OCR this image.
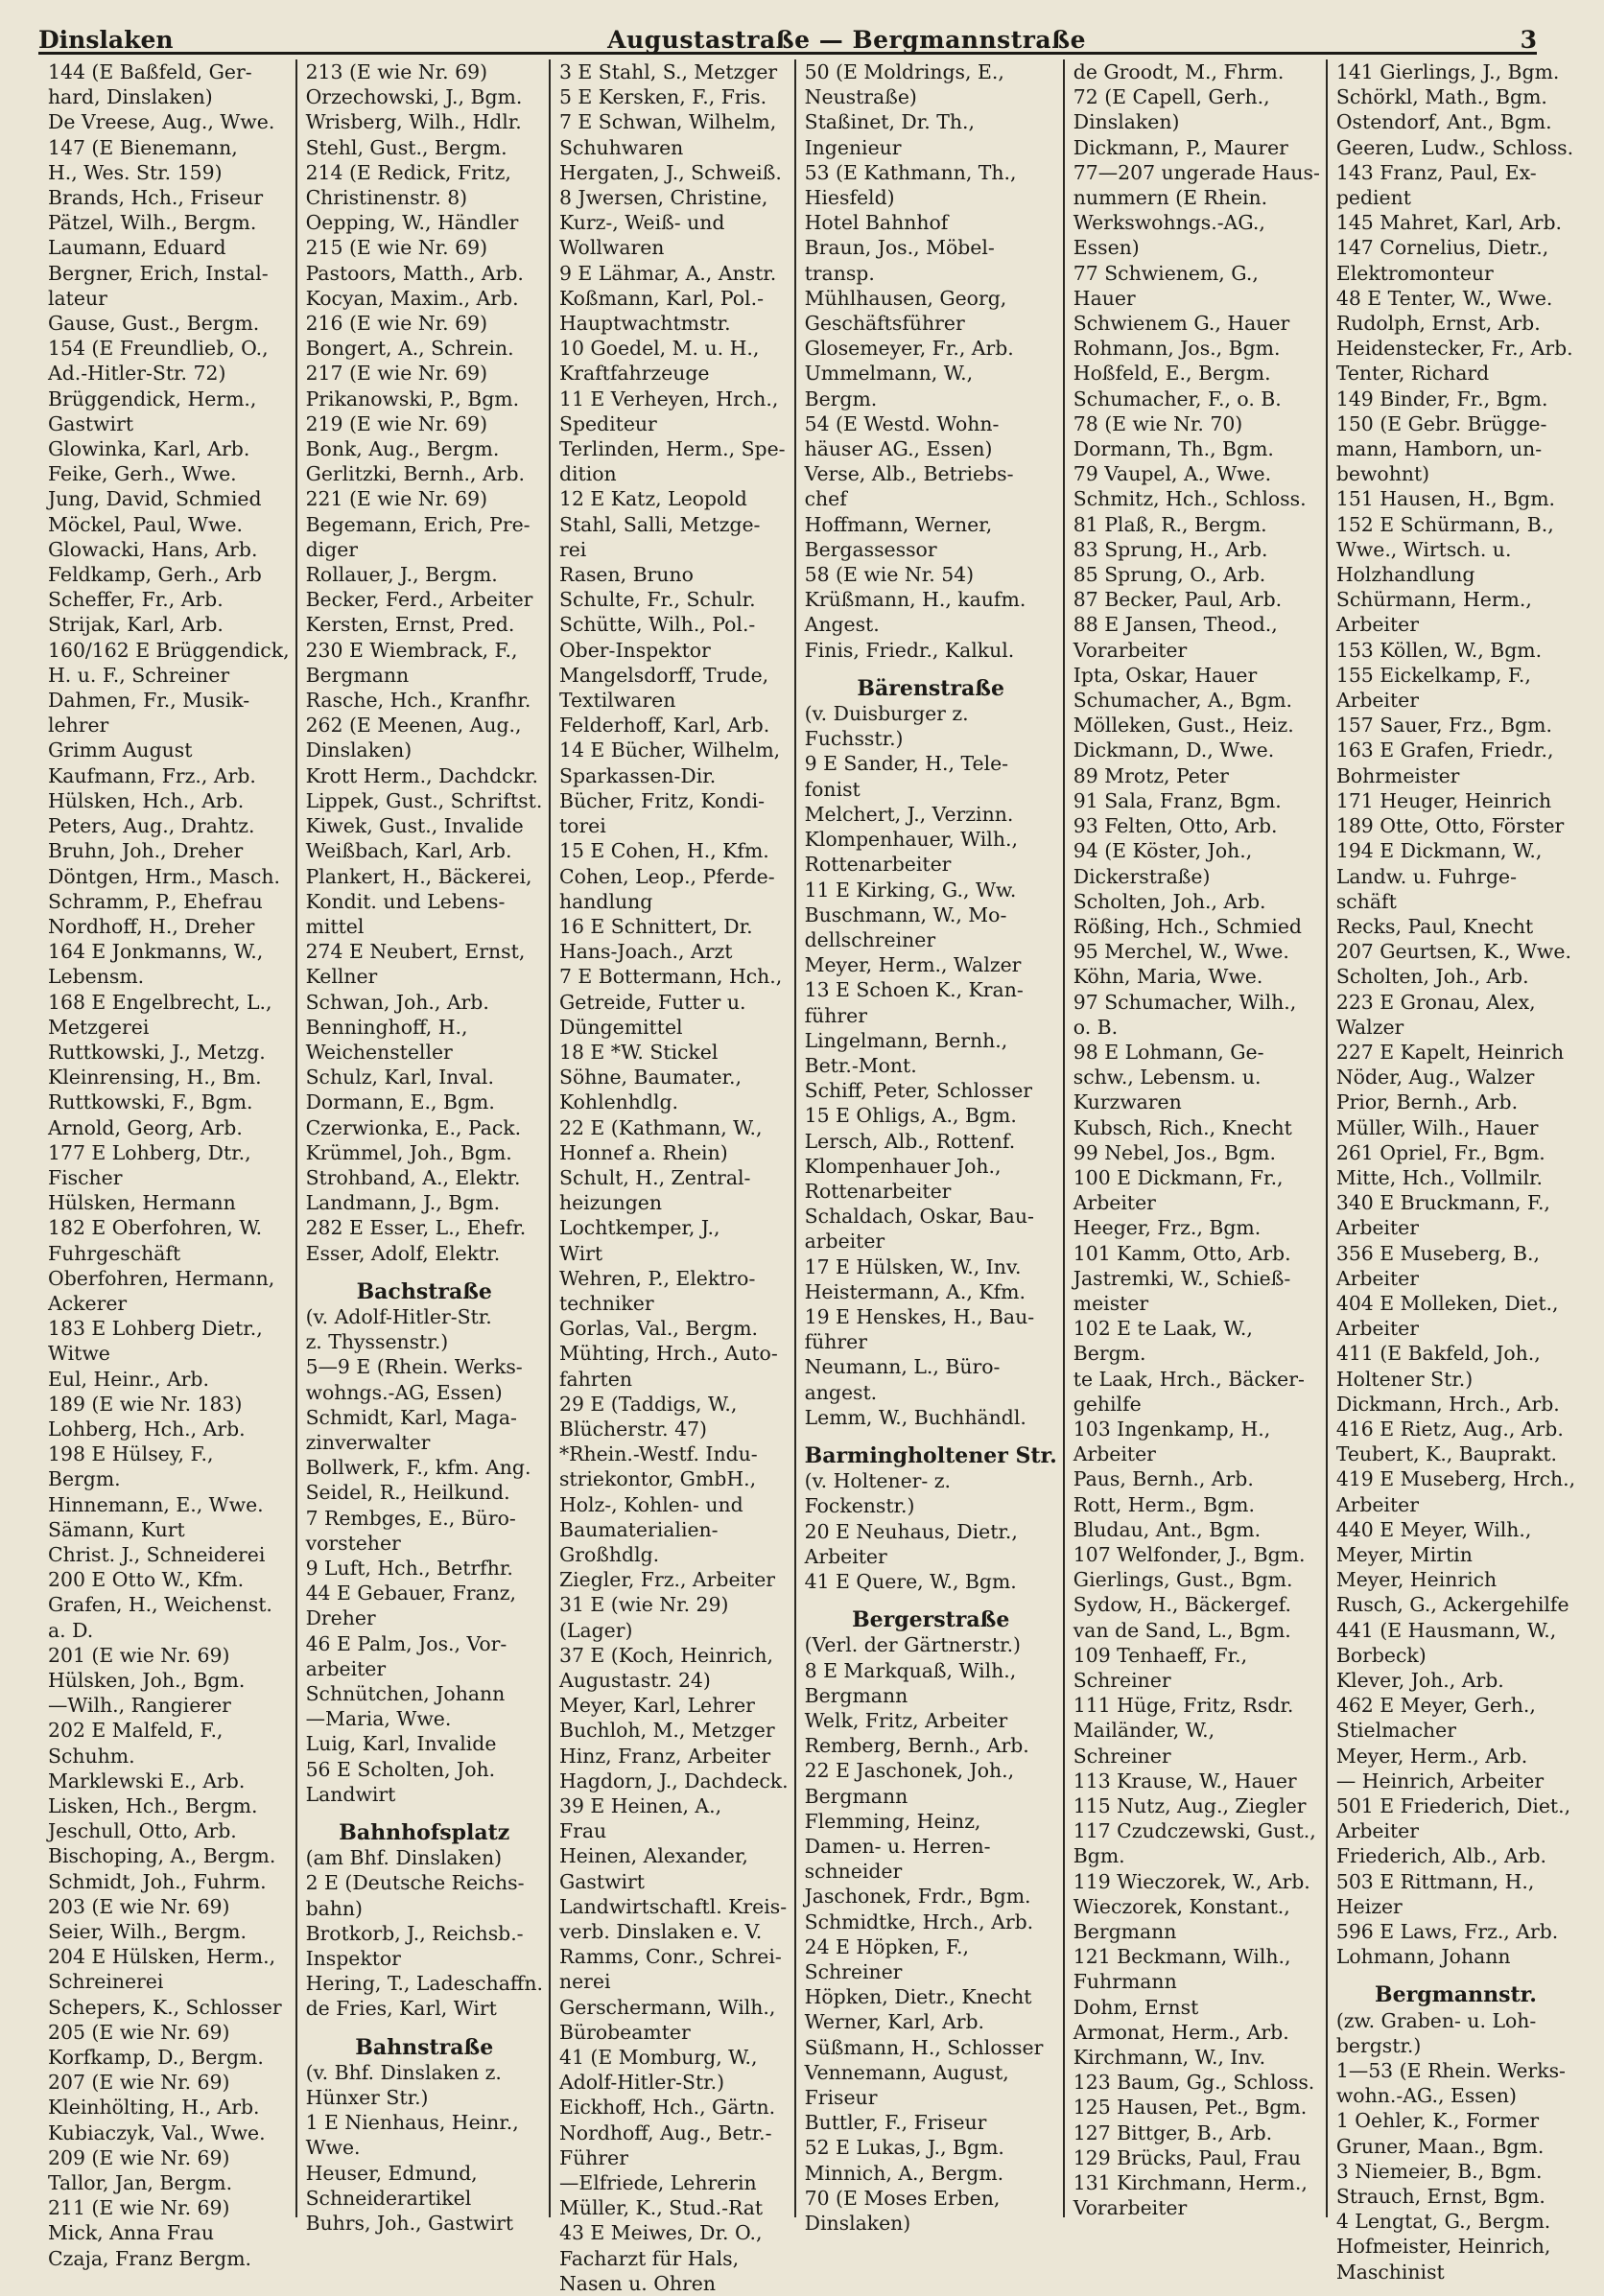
Dinslaken	Augustastraße — Bergmannstraße	3
144 (E Baßfeld, Ger-
hard, Dinslaken)
De Vreese, Aug., Wwe.
147 (E Bienemann,
H., Wes. Str. 159)
Brands, Hch., Friseur
Pätzel, Wilh., Bergm.
Laumann, Eduard
Bergner, Erich, Instal-
lateur
Gause, Gust., Bergm.
154 (E Freundlieb, O.,
Ad.-Hitler-Str. 72)
Brüggendick, Herm.,
Gastwirt
Glowinka, Karl, Arb.
Feike, Gerh., Wwe.
Jung, David, Schmied
Möckel, Paul, Wwe.
Glowacki, Hans, Arb.
Feldkamp, Gerh., Arb
Scheffer, Fr., Arb.
Strijak, Karl, Arb.
160/162 E Brüggendick,
H. u. F., Schreiner
Dahmen, Fr., Musik-
lehrer
Grimm August
Kaufmann, Frz., Arb.
Hülsken, Hch., Arb.
Peters, Aug., Drahtz.
Bruhn, Joh., Dreher
Döntgen, Hrm., Masch.
Schramm, P., Ehefrau
Nordhoff, H., Dreher
164 E Jonkmanns, W.,
Lebensm.
168 E Engelbrecht, L.,
Metzgerei
Ruttkowski, J., Metzg.
Kleinrensing, H., Bm.
Ruttkowski, F., Bgm.
Arnold, Georg, Arb.
177 E Lohberg, Dtr.,
Fischer
Hülsken, Hermann
182 E Oberfohren, W.
Fuhrgeschäft
Oberfohren, Hermann,
Ackerer
183 E Lohberg Dietr.,
Witwe
Eul, Heinr., Arb.
189 (E wie Nr. 183)
Lohberg, Hch., Arb.
198 E Hülsey, F.,
Bergm.
Hinnemann, E., Wwe.
Sämann, Kurt
Christ. J., Schneiderei
200 E Otto W., Kfm.
Grafen, H., Weichenst.
a. D.
201 (E wie Nr. 69)
Hülsken, Joh., Bgm.
—Wilh., Rangierer
202 E Malfeld, F.,
Schuhm.
Marklewski E., Arb.
Lisken, Hch., Bergm.
Jeschull, Otto, Arb.
Bischoping, A., Bergm.
Schmidt, Joh., Fuhrm.
203 (E wie Nr. 69)
Seier, Wilh., Bergm.
204 E Hülsken, Herm.,
Schreinerei
Schepers, K., Schlosser
205 (E wie Nr. 69)
Korfkamp, D., Bergm.
207 (E wie Nr. 69)
Kleinhölting, H., Arb.
Kubiaczyk, Val., Wwe.
209 (E wie Nr. 69)
Tallor, Jan, Bergm.
211 (E wie Nr. 69)
Mick, Anna Frau
Czaja, Franz Bergm.
213 (E wie Nr. 69)
Orzechowski, J., Bgm.
Wrisberg, Wilh., Hdlr.
Stehl, Gust., Bergm.
214 (E Redick, Fritz,
Christinenstr. 8)
Oepping, W., Händler
215 (E wie Nr. 69)
Pastoors, Matth., Arb.
Kocyan, Maxim., Arb.
216 (E wie Nr. 69)
Bongert, A., Schrein.
217 (E wie Nr. 69)
Prikanowski, P., Bgm.
219 (E wie Nr. 69)
Bonk, Aug., Bergm.
Gerlitzki, Bernh., Arb.
221 (E wie Nr. 69)
Begemann, Erich, Pre-
diger
Rollauer, J., Bergm.
Becker, Ferd., Arbeiter
Kersten, Ernst, Pred.
230 E Wiembrack, F.,
Bergmann
Rasche, Hch., Kranfhr.
262 (E Meenen, Aug.,
Dinslaken)
Krott Herm., Dachdckr.
Lippek, Gust., Schriftst.
Kiwek, Gust., Invalide
Weißbach, Karl, Arb.
Plankert, H., Bäckerei,
Kondit. und Lebens-
mittel
274 E Neubert, Ernst,
Kellner
Schwan, Joh., Arb.
Benninghoff, H.,
Weichensteller
Schulz, Karl, Inval.
Dormann, E., Bgm.
Czerwionka, E., Pack.
Krümmel, Joh., Bgm.
Strohband, A., Elektr.
Landmann, J., Bgm.
282 E Esser, L., Ehefr.
Esser, Adolf, Elektr.
Bachstraße
(v. Adolf-Hitler-Str.
z. Thyssenstr.)
5—9 E (Rhein. Werks-
wohngs.-AG, Essen)
Schmidt, Karl, Maga-
zinverwalter
Bollwerk, F., kfm. Ang.
Seidel, R., Heilkund.
7 Rembges, E., Büro-
vorsteher
9 Luft, Hch., Betrfhr.
44 E Gebauer, Franz,
Dreher
46 E Palm, Jos., Vor-
arbeiter
Schnütchen, Johann
—Maria, Wwe.
Luig, Karl, Invalide
56 E Scholten, Joh.
Landwirt
Bahnhofsplatz
(am Bhf. Dinslaken)
2 E (Deutsche Reichs-
bahn)
Brotkorb, J., Reichsb.-
Inspektor
Hering, T., Ladeschaffn.
de Fries, Karl, Wirt
Bahnstraße
(v. Bhf. Dinslaken z.
Hünxer Str.)
1 E Nienhaus, Heinr.,
Wwe.
Heuser, Edmund,
Schneiderartikel
Buhrs, Joh., Gastwirt
3 E Stahl, S., Metzger
5 E Kersken, F., Fris.
7 E Schwan, Wilhelm,
Schuhwaren
Hergaten, J., Schweiß.
8 Jwersen, Christine,
Kurz-, Weiß- und
Wollwaren
9 E Lähmar, A., Anstr.
Koßmann, Karl, Pol.-
Hauptwachtmstr.
10 Goedel, M. u. H.,
Kraftfahrzeuge
11 E Verheyen, Hrch.,
Spediteur
Terlinden, Herm., Spe-
dition
12 E Katz, Leopold
Stahl, Salli, Metzge-
rei
Rasen, Bruno
Schulte, Fr., Schulr.
Schütte, Wilh., Pol.-
Ober-Inspektor
Mangelsdorff, Trude,
Textilwaren
Felderhoff, Karl, Arb.
14 E Bücher, Wilhelm,
Sparkassen-Dir.
Bücher, Fritz, Kondi-
torei
15 E Cohen, H., Kfm.
Cohen, Leop., Pferde-
handlung
16 E Schnittert, Dr.
Hans-Joach., Arzt
7 E Bottermann, Hch.,
Getreide, Futter u.
Düngemittel
18 E *W. Stickel
Söhne, Baumater.,
Kohlenhdlg.
22 E (Kathmann, W.,
Honnef a. Rhein)
Schult, H., Zentral-
heizungen
Lochtkemper, J.,
Wirt
Wehren, P., Elektro-
techniker
Gorlas, Val., Bergm.
Mühting, Hrch., Auto-
fahrten
29 E (Taddigs, W.,
Blücherstr. 47)
*Rhein.-Westf. Indu-
striekontor, GmbH.,
Holz-, Kohlen- und
Baumaterialien-
Großhdlg.
Ziegler, Frz., Arbeiter
31 E (wie Nr. 29)
(Lager)
37 E (Koch, Heinrich,
Augustastr. 24)
Meyer, Karl, Lehrer
Buchloh, M., Metzger
Hinz, Franz, Arbeiter
Hagdorn, J., Dachdeck.
39 E Heinen, A.,
Frau
Heinen, Alexander,
Gastwirt
Landwirtschaftl. Kreis-
verb. Dinslaken e. V.
Ramms, Conr., Schrei-
nerei
Gerschermann, Wilh.,
Bürobeamter
41 (E Momburg, W.,
Adolf-Hitler-Str.)
Eickhoff, Hch., Gärtn.
Nordhoff, Aug., Betr.-
Führer
—Elfriede, Lehrerin
Müller, K., Stud.-Rat
43 E Meiwes, Dr. O.,
Facharzt für Hals,
Nasen u. Ohren
50 (E Moldrings, E.,
Neustraße)
Staßinet, Dr. Th.,
Ingenieur
53 (E Kathmann, Th.,
Hiesfeld)
Hotel Bahnhof
Braun, Jos., Möbel-
transp.
Mühlhausen, Georg,
Geschäftsführer
Glosemeyer, Fr., Arb.
Ummelmann, W.,
Bergm.
54 (E Westd. Wohn-
häuser AG., Essen)
Verse, Alb., Betriebs-
chef
Hoffmann, Werner,
Bergassessor
58 (E wie Nr. 54)
Krüßmann, H., kaufm.
Angest.
Finis, Friedr., Kalkul.
Bärenstraße
(v. Duisburger z.
Fuchsstr.)
9 E Sander, H., Tele-
fonist
Melchert, J., Verzinn.
Klompenhauer, Wilh.,
Rottenarbeiter
11 E Kirking, G., Ww.
Buschmann, W., Mo-
dellschreiner
Meyer, Herm., Walzer
13 E Schoen K., Kran-
führer
Lingelmann, Bernh.,
Betr.-Mont.
Schiff, Peter, Schlosser
15 E Ohligs, A., Bgm.
Lersch, Alb., Rottenf.
Klompenhauer Joh.,
Rottenarbeiter
Schaldach, Oskar, Bau-
arbeiter
17 E Hülsken, W., Inv.
Heistermann, A., Kfm.
19 E Henskes, H., Bau-
führer
Neumann, L., Büro-
angest.
Lemm, W., Buchhändl.
Barmingholtener Str.
(v. Holtener- z.
Fockenstr.)
20 E Neuhaus, Dietr.,
Arbeiter
41 E Quere, W., Bgm.
Bergerstraße
(Verl. der Gärtnerstr.)
8 E Markquaß, Wilh.,
Bergmann
Welk, Fritz, Arbeiter
Remberg, Bernh., Arb.
22 E Jaschonek, Joh.,
Bergmann
Flemming, Heinz,
Damen- u. Herren-
schneider
Jaschonek, Frdr., Bgm.
Schmidtke, Hrch., Arb.
24 E Höpken, F.,
Schreiner
Höpken, Dietr., Knecht
Werner, Karl, Arb.
Süßmann, H., Schlosser
Vennemann, August,
Friseur
Buttler, F., Friseur
52 E Lukas, J., Bgm.
Minnich, A., Bergm.
70 (E Moses Erben,
Dinslaken)
de Groodt, M., Fhrm.
72 (E Capell, Gerh.,
Dinslaken)
Dickmann, P., Maurer
77—207 ungerade Haus-
nummern (E Rhein.
Werkswohngs.-AG.,
Essen)
77 Schwienem, G.,
Hauer
Schwienem G., Hauer
Rohmann, Jos., Bgm.
Hoßfeld, E., Bergm.
Schumacher, F., o. B.
78 (E wie Nr. 70)
Dormann, Th., Bgm.
79 Vaupel, A., Wwe.
Schmitz, Hch., Schloss.
81 Plaß, R., Bergm.
83 Sprung, H., Arb.
85 Sprung, O., Arb.
87 Becker, Paul, Arb.
88 E Jansen, Theod.,
Vorarbeiter
Ipta, Oskar, Hauer
Schumacher, A., Bgm.
Mölleken, Gust., Heiz.
Dickmann, D., Wwe.
89 Mrotz, Peter
91 Sala, Franz, Bgm.
93 Felten, Otto, Arb.
94 (E Köster, Joh.,
Dickerstraße)
Scholten, Joh., Arb.
Rößing, Hch., Schmied
95 Merchel, W., Wwe.
Köhn, Maria, Wwe.
97 Schumacher, Wilh.,
o. B.
98 E Lohmann, Ge-
schw., Lebensm. u.
Kurzwaren
Kubsch, Rich., Knecht
99 Nebel, Jos., Bgm.
100 E Dickmann, Fr.,
Arbeiter
Heeger, Frz., Bgm.
101 Kamm, Otto, Arb.
Jastremki, W., Schieß-
meister
102 E te Laak, W.,
Bergm.
te Laak, Hrch., Bäcker-
gehilfe
103 Ingenkamp, H.,
Arbeiter
Paus, Bernh., Arb.
Rott, Herm., Bgm.
Bludau, Ant., Bgm.
107 Welfonder, J., Bgm.
Gierlings, Gust., Bgm.
Sydow, H., Bäckergef.
van de Sand, L., Bgm.
109 Tenhaeff, Fr.,
Schreiner
111 Hüge, Fritz, Rsdr.
Mailänder, W.,
Schreiner
113 Krause, W., Hauer
115 Nutz, Aug., Ziegler
117 Czudczewski, Gust.,
Bgm.
119 Wieczorek, W., Arb.
Wieczorek, Konstant.,
Bergmann
121 Beckmann, Wilh.,
Fuhrmann
Dohm, Ernst
Armonat, Herm., Arb.
Kirchmann, W., Inv.
123 Baum, Gg., Schloss.
125 Hausen, Pet., Bgm.
127 Bittger, B., Arb.
129 Brücks, Paul, Frau
131 Kirchmann, Herm.,
Vorarbeiter
141 Gierlings, J., Bgm.
Schörkl, Math., Bgm.
Ostendorf, Ant., Bgm.
Geeren, Ludw., Schloss.
143 Franz, Paul, Ex-
pedient
145 Mahret, Karl, Arb.
147 Cornelius, Dietr.,
Elektromonteur
48 E Tenter, W., Wwe.
Rudolph, Ernst, Arb.
Heidenstecker, Fr., Arb.
Tenter, Richard
149 Binder, Fr., Bgm.
150 (E Gebr. Brügge-
mann, Hamborn, un-
bewohnt)
151 Hausen, H., Bgm.
152 E Schürmann, B.,
Wwe., Wirtsch. u.
Holzhandlung
Schürmann, Herm.,
Arbeiter
153 Köllen, W., Bgm.
155 Eickelkamp, F.,
Arbeiter
157 Sauer, Frz., Bgm.
163 E Grafen, Friedr.,
Bohrmeister
171 Heuger, Heinrich
189 Otte, Otto, Förster
194 E Dickmann, W.,
Landw. u. Fuhrge-
schäft
Recks, Paul, Knecht
207 Geurtsen, K., Wwe.
Scholten, Joh., Arb.
223 E Gronau, Alex,
Walzer
227 E Kapelt, Heinrich
Nöder, Aug., Walzer
Prior, Bernh., Arb.
Müller, Wilh., Hauer
261 Opriel, Fr., Bgm.
Mitte, Hch., Vollmilr.
340 E Bruckmann, F.,
Arbeiter
356 E Museberg, B.,
Arbeiter
404 E Molleken, Diet.,
Arbeiter
411 (E Bakfeld, Joh.,
Holtener Str.)
Dickmann, Hrch., Arb.
416 E Rietz, Aug., Arb.
Teubert, K., Bauprakt.
419 E Museberg, Hrch.,
Arbeiter
440 E Meyer, Wilh.,
Meyer, Mirtin
Meyer, Heinrich
Rusch, G., Ackergehilfe
441 (E Hausmann, W.,
Borbeck)
Klever, Joh., Arb.
462 E Meyer, Gerh.,
Stielmacher
Meyer, Herm., Arb.
— Heinrich, Arbeiter
501 E Friederich, Diet.,
Arbeiter
Friederich, Alb., Arb.
503 E Rittmann, H.,
Heizer
596 E Laws, Frz., Arb.
Lohmann, Johann
Bergmannstr.
(zw. Graben- u. Loh-
bergstr.)
1—53 (E Rhein. Werks-
wohn.-AG., Essen)
1 Oehler, K., Former
Gruner, Maan., Bgm.
3 Niemeier, B., Bgm.
Strauch, Ernst, Bgm.
4 Lengtat, G., Bergm.
Hofmeister, Heinrich,
Maschinist
